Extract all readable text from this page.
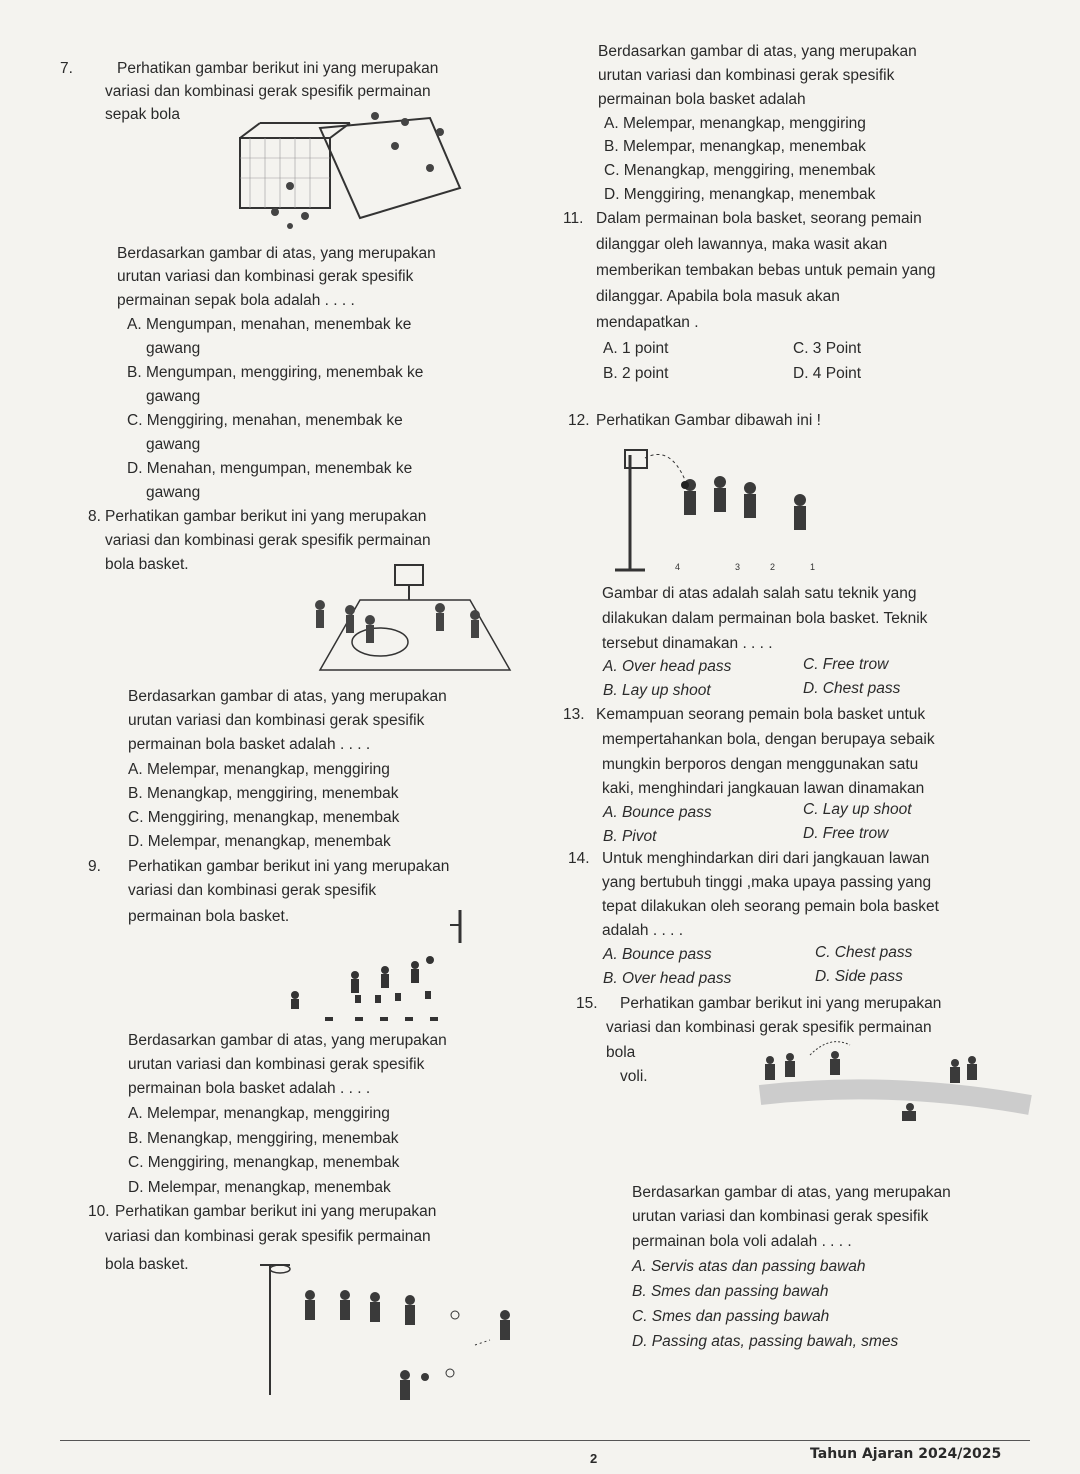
7.	Perhatikan gambar berikut ini yang merupakan
variasi dan kombinasi gerak spesifik permainan
sepak bola
Berdasarkan gambar di atas, yang merupakan
urutan variasi dan kombinasi gerak spesifik
permainan sepak bola adalah . . . .
A. Mengumpan, menahan, menembak ke
gawang
B. Mengumpan, menggiring, menembak ke
gawang
C. Menggiring, menahan, menembak ke
gawang
D. Menahan, mengumpan, menembak ke
gawang
8. Perhatikan gambar berikut ini yang merupakan
variasi dan kombinasi gerak spesifik permainan
bola basket.
Berdasarkan gambar di atas, yang merupakan
urutan variasi dan kombinasi gerak spesifik
permainan bola basket adalah . . . .
A. Melempar, menangkap, menggiring
B. Menangkap, menggiring, menembak
C. Menggiring, menangkap, menembak
D. Melempar, menangkap, menembak
9. Perhatikan gambar berikut ini yang merupakan
variasi dan kombinasi gerak spesifik
permainan bola basket.
Berdasarkan gambar di atas, yang merupakan
urutan variasi dan kombinasi gerak spesifik
permainan bola basket adalah . . . .
A. Melempar, menangkap, menggiring
B. Menangkap, menggiring, menembak
C. Menggiring, menangkap, menembak
D. Melempar, menangkap, menembak
10. Perhatikan gambar berikut ini yang merupakan
variasi dan kombinasi gerak spesifik permainan
bola basket.
Berdasarkan gambar di atas, yang merupakan
urutan variasi dan kombinasi gerak spesifik
permainan bola basket adalah
A. Melempar, menangkap, menggiring
B. Melempar, menangkap, menembak
C. Menangkap, menggiring, menembak
D. Menggiring, menangkap, menembak
11. Dalam permainan bola basket, seorang pemain
dilanggar oleh lawannya, maka wasit akan
memberikan tembakan bebas untuk pemain yang
dilanggar. Apabila bola masuk akan
mendapatkan .
A. 1 point
B. 2 point
C. 3 Point
D. 4 Point
12. Perhatikan Gambar dibawah ini !
4	3	2	1
Gambar di atas adalah salah satu teknik yang
dilakukan dalam permainan bola basket. Teknik
tersebut dinamakan . . . .
A. Over head pass
B. Lay up shoot
C. Free trow
D. Chest pass
13. Kemampuan seorang pemain bola basket untuk
mempertahankan bola, dengan berupaya sebaik
mungkin berporos dengan menggunakan satu
kaki, menghindari jangkauan lawan dinamakan
A. Bounce pass
B. Pivot
C. Lay up shoot
D. Free trow
14. Untuk menghindarkan diri dari jangkauan lawan
yang bertubuh tinggi ,maka upaya passing yang
tepat dilakukan oleh seorang pemain bola basket
adalah . . . .
A. Bounce pass
B. Over head pass
C. Chest pass
D. Side pass
15. Perhatikan gambar berikut ini yang merupakan
variasi dan kombinasi gerak spesifik permainan
bola
voli.
Berdasarkan gambar di atas, yang merupakan
urutan variasi dan kombinasi gerak spesifik
permainan bola voli adalah . . . .
A. Servis atas dan passing bawah
B. Smes dan passing bawah
C. Smes dan passing bawah
D. Passing atas, passing bawah, smes
2	Tahun Ajaran 2024/2025
